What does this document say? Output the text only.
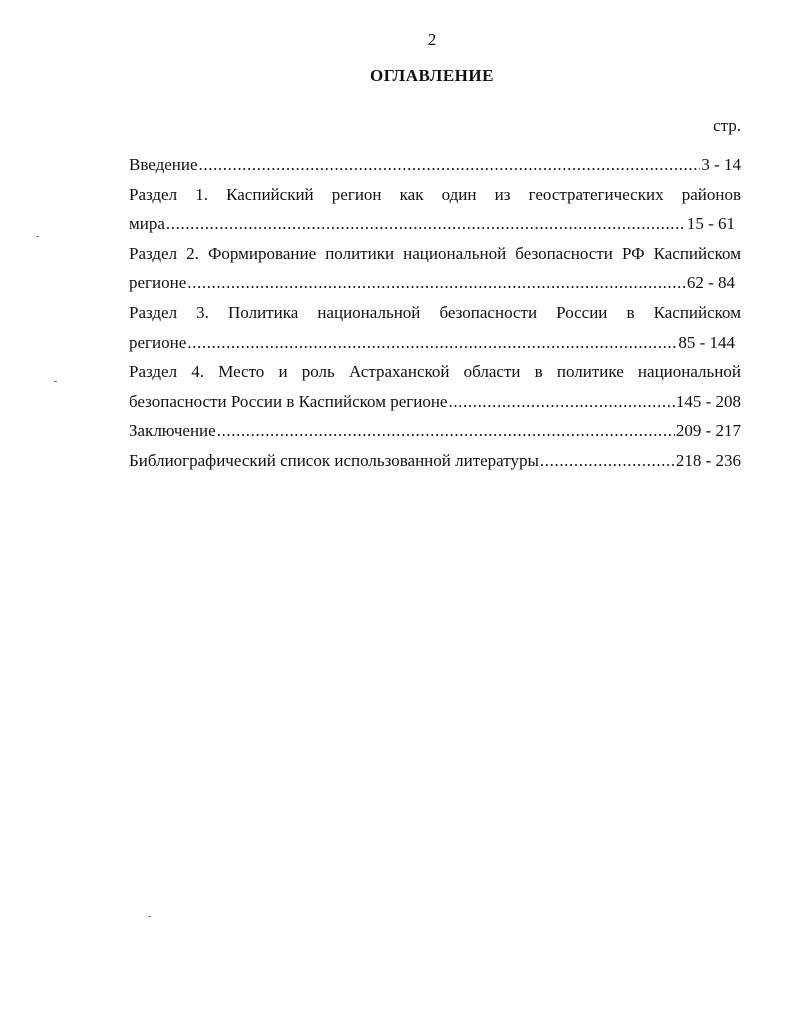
2
ОГЛАВЛЕНИЕ
стр.
Введение .....	3 - 14
Раздел 1. Каспийский регион как один из геостратегических районов
мира .....	15 - 61
Раздел 2. Формирование политики национальной безопасности РФ Каспийском
регионе .....	62 - 84
Раздел 3. Политика национальной безопасности России в Каспийском
регионе .....	85 - 144
Раздел 4. Место и роль Астраханской области в политике национальной
безопасности России в Каспийском регионе .....	145 - 208
Заключение .....	209 - 217
Библиографический список использованной литературы .....	218 - 236
